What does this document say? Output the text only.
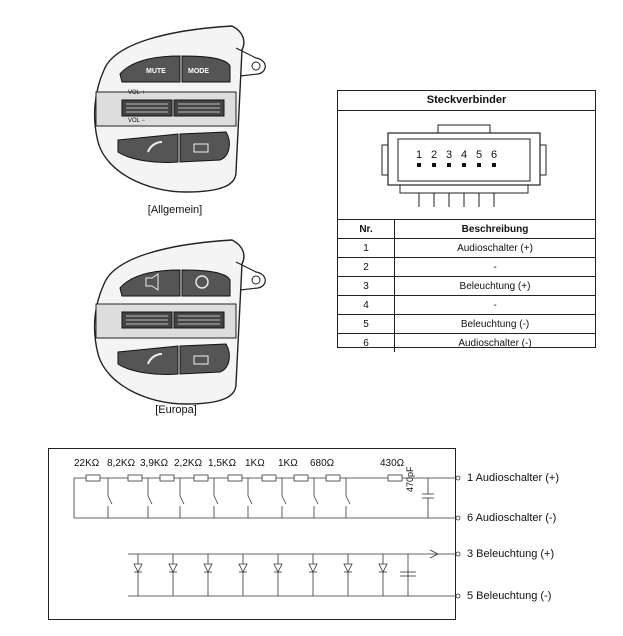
MUTE	MODE
VOL +
VOL −
[Allgemein]
[Europa]
Steckverbinder
1 2 3 4 5 6
Nr.	Beschreibung
1	Audioschalter (+)
2	-
3	Beleuchtung (+)
4	-
5	Beleuchtung (-)
6	Audioschalter (-)
22KΩ 8,2KΩ 3,9KΩ 2,2KΩ 1,5KΩ 1KΩ 1KΩ 680Ω	430Ω
470pF	1 Audioschalter (+)
6 Audioschalter (-)
3 Beleuchtung (+)
5 Beleuchtung (-)
